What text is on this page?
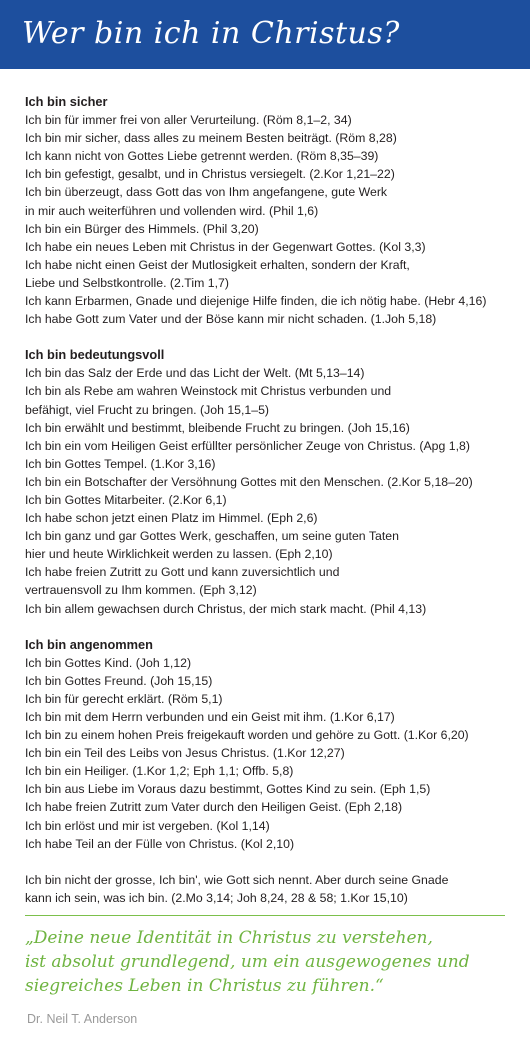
Wer bin ich in Christus?
Ich bin sicher
Ich bin für immer frei von aller Verurteilung. (Röm 8,1–2, 34)
Ich bin mir sicher, dass alles zu meinem Besten beiträgt. (Röm 8,28)
Ich kann nicht von Gottes Liebe getrennt werden. (Röm 8,35–39)
Ich bin gefestigt, gesalbt, und in Christus versiegelt. (2.Kor 1,21–22)
Ich bin überzeugt, dass Gott das von Ihm angefangene, gute Werk
in mir auch weiterführen und vollenden wird. (Phil 1,6)
Ich bin ein Bürger des Himmels. (Phil 3,20)
Ich habe ein neues Leben mit Christus in der Gegenwart Gottes. (Kol 3,3)
Ich habe nicht einen Geist der Mutlosigkeit erhalten, sondern der Kraft,
Liebe und Selbstkontrolle. (2.Tim 1,7)
Ich kann Erbarmen, Gnade und diejenige Hilfe finden, die ich nötig habe. (Hebr 4,16)
Ich habe Gott zum Vater und der Böse kann mir nicht schaden. (1.Joh 5,18)
Ich bin bedeutungsvoll
Ich bin das Salz der Erde und das Licht der Welt. (Mt 5,13–14)
Ich bin als Rebe am wahren Weinstock mit Christus verbunden und
befähigt, viel Frucht zu bringen. (Joh 15,1–5)
Ich bin erwählt und bestimmt, bleibende Frucht zu bringen. (Joh 15,16)
Ich bin ein vom Heiligen Geist erfüllter persönlicher Zeuge von Christus. (Apg 1,8)
Ich bin Gottes Tempel. (1.Kor 3,16)
Ich bin ein Botschafter der Versöhnung Gottes mit den Menschen. (2.Kor 5,18–20)
Ich bin Gottes Mitarbeiter. (2.Kor 6,1)
Ich habe schon jetzt einen Platz im Himmel. (Eph 2,6)
Ich bin ganz und gar Gottes Werk, geschaffen, um seine guten Taten
hier und heute Wirklichkeit werden zu lassen. (Eph 2,10)
Ich habe freien Zutritt zu Gott und kann zuversichtlich und
vertrauensvoll zu Ihm kommen. (Eph 3,12)
Ich bin allem gewachsen durch Christus, der mich stark macht. (Phil 4,13)
Ich bin angenommen
Ich bin Gottes Kind. (Joh 1,12)
Ich bin Gottes Freund. (Joh 15,15)
Ich bin für gerecht erklärt. (Röm 5,1)
Ich bin mit dem Herrn verbunden und ein Geist mit ihm. (1.Kor 6,17)
Ich bin zu einem hohen Preis freigekauft worden und gehöre zu Gott. (1.Kor 6,20)
Ich bin ein Teil des Leibs von Jesus Christus. (1.Kor 12,27)
Ich bin ein Heiliger. (1.Kor 1,2; Eph 1,1; Offb. 5,8)
Ich bin aus Liebe im Voraus dazu bestimmt, Gottes Kind zu sein. (Eph 1,5)
Ich habe freien Zutritt zum Vater durch den Heiligen Geist. (Eph 2,18)
Ich bin erlöst und mir ist vergeben. (Kol 1,14)
Ich habe Teil an der Fülle von Christus. (Kol 2,10)
Ich bin nicht der grosse, Ich bin', wie Gott sich nennt. Aber durch seine Gnade
kann ich sein, was ich bin. (2.Mo 3,14; Joh 8,24, 28 & 58; 1.Kor 15,10)
„Deine neue Identität in Christus zu verstehen,
ist absolut grundlegend, um ein ausgewogenes und
siegreiches Leben in Christus zu führen.“
Dr. Neil T. Anderson
